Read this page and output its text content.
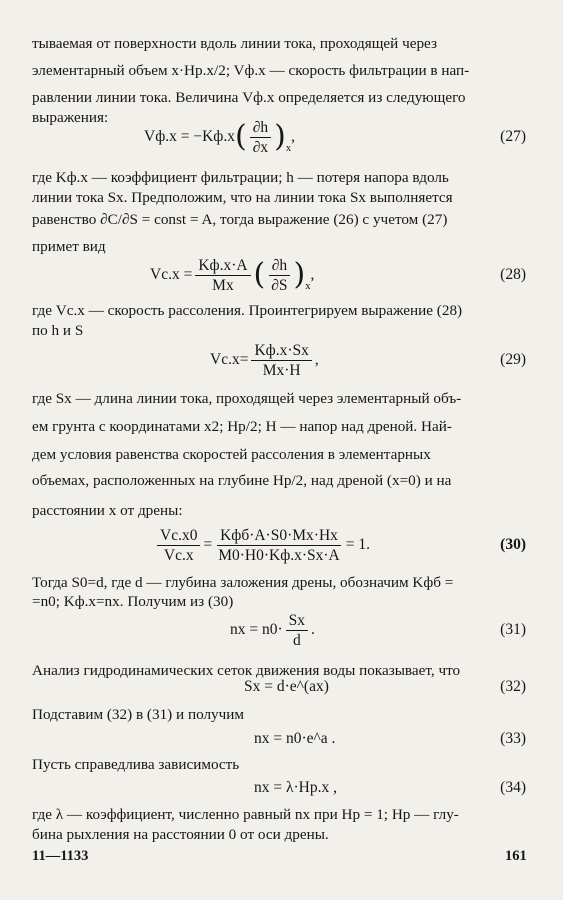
тываемая от поверхности вдоль линии тока, проходящей через
элементарный объем x·Hр.x/2; Vф.x — скорость фильтрации в нап-
равлении линии тока. Величина Vф.x определяется из следующего
выражения:
Vф.x = −Kф.x ( $\frac{\partial h}{\partial x}$ ) x
,	(27)
где Kф.x — коэффициент фильтрации; h — потеря напора вдоль
линии тока Sx. Предположим, что на линии тока Sx выполняется
равенство ∂C/∂S = const = A, тогда выражение (26) с учетом (27)
примет вид
$Vc.x = \frac{Kф.x\cdot A}{Mx}$ ( $\frac{\partial h}{\partial S}$ ) x
,	(28)
где Vc.x — скорость рассоления. Проинтегрируем выражение (28)
по h и S
$Vc.x= \frac{Kф.x\cdot Sx}{Mx\cdot H}$ ,	(29)
где Sx — длина линии тока, проходящей через элементарный объ-
ем грунта с координатами x2; Hр/2; H — напор над дреной. Най-
дем условия равенства скоростей рассоления в элементарных
объемах, расположенных на глубине Hр/2, над дреной (x=0) и на
расстоянии x от дрены:
$\frac{Vc.x0}{Vc.x} = \frac{\text{Kфб·A·S0·Mx·Hx}}{M0\cdot H0\cdot Kф.x\cdot Sx\cdot A} = 1$.	(30)
Тогда S0=d, где d — глубина заложения дрены, обозначим Kфб =
=n0; Kф.x=nx. Получим из (30)
nx = $n0\cdot \frac{Sx}{d}$ .	(31)
Анализ гидродинамических сеток движения воды показывает, что
Sx = d·e^(ax)	(32)
Подставим (32) в (31) и получим
nx = n0·e^a .	(33)
Пусть справедлива зависимость
nx = λ·Hр.x ,	(34)
где λ — коэффициент, численно равный nx при Hр = 1; Hр — глу-
бина рыхления на расстоянии 0 от оси дрены.
11—1133	161
